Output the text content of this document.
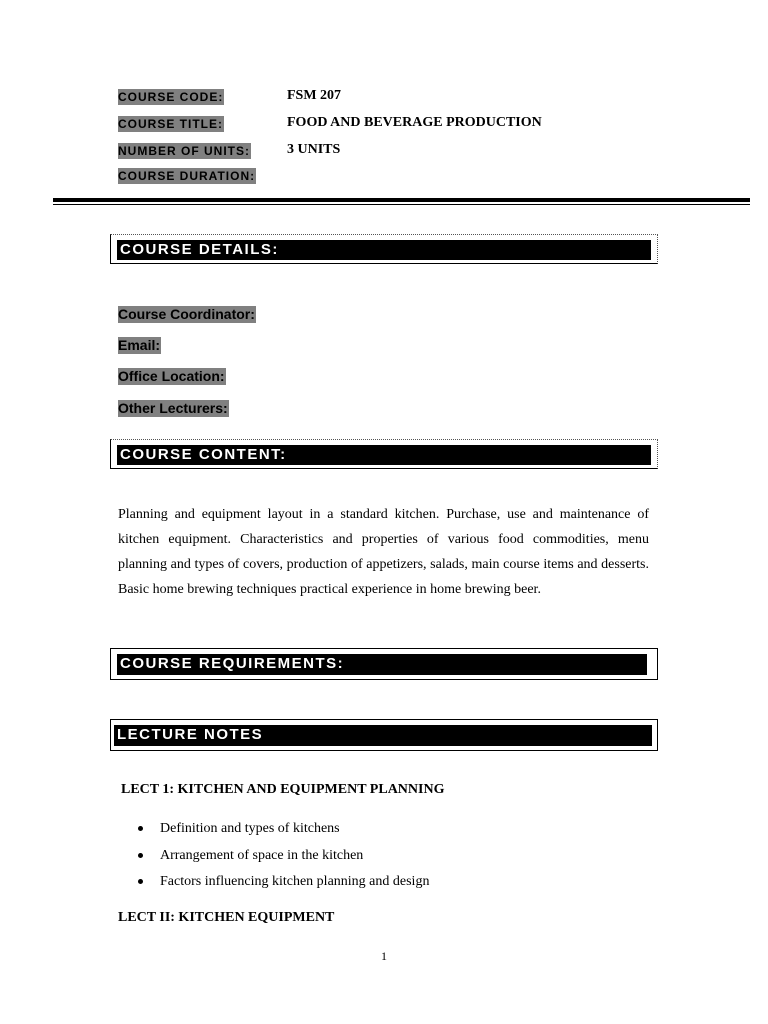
COURSE CODE:	FSM 207
COURSE TITLE:	FOOD AND BEVERAGE PRODUCTION
NUMBER OF UNITS:	3 UNITS
COURSE DURATION:
COURSE DETAILS:
Course Coordinator:
Email:
Office Location:
Other Lecturers:
COURSE CONTENT:
Planning and equipment layout in a standard kitchen. Purchase, use and maintenance of kitchen equipment. Characteristics and properties of various food commodities, menu planning and types of covers, production of appetizers, salads, main course items and desserts. Basic home brewing techniques practical experience in home brewing beer.
COURSE REQUIREMENTS:
LECTURE NOTES
LECT 1: KITCHEN AND EQUIPMENT PLANNING
Definition and types of kitchens
Arrangement of space in the kitchen
Factors influencing kitchen planning and design
LECT II: KITCHEN EQUIPMENT
1
